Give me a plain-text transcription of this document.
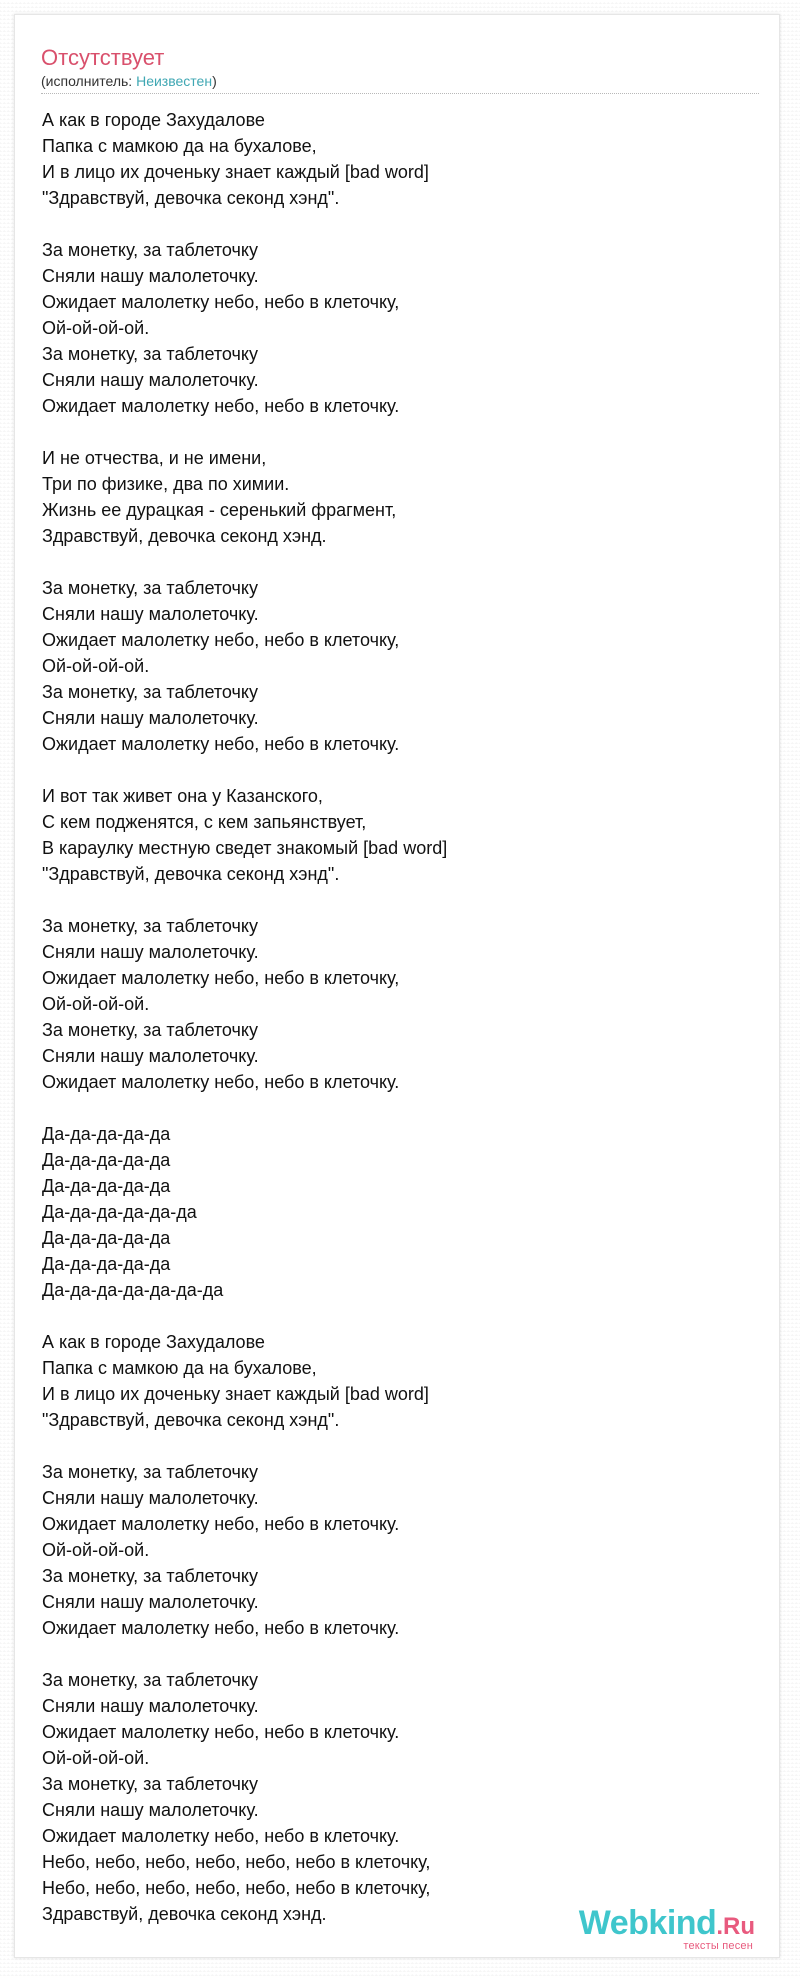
Отсутствует
(исполнитель: Неизвестен)
А как в городе Захудалове
Папка с мамкою да на бухалове,
И в лицо их доченьку знает каждый [bad word]
"Здравствуй, девочка секонд хэнд".

За монетку, за таблеточку
Сняли нашу малолеточку.
Ожидает малолетку небо, небо в клеточку,
Ой-ой-ой-ой.
За монетку, за таблеточку
Сняли нашу малолеточку.
Ожидает малолетку небо, небо в клеточку.

И не отчества, и не имени,
Три по физике, два по химии.
Жизнь ее дурацкая - серенький фрагмент,
Здравствуй, девочка секонд хэнд.

За монетку, за таблеточку
Сняли нашу малолеточку.
Ожидает малолетку небо, небо в клеточку,
Ой-ой-ой-ой.
За монетку, за таблеточку
Сняли нашу малолеточку.
Ожидает малолетку небо, небо в клеточку.

И вот так живет она у Казанского,
С кем подженятся, с кем запьянствует,
В караулку местную сведет знакомый [bad word]
"Здравствуй, девочка секонд хэнд".

За монетку, за таблеточку
Сняли нашу малолеточку.
Ожидает малолетку небо, небо в клеточку,
Ой-ой-ой-ой.
За монетку, за таблеточку
Сняли нашу малолеточку.
Ожидает малолетку небо, небо в клеточку.

Да-да-да-да-да
Да-да-да-да-да
Да-да-да-да-да
Да-да-да-да-да-да
Да-да-да-да-да
Да-да-да-да-да
Да-да-да-да-да-да-да

А как в городе Захудалове
Папка с мамкою да на бухалове,
И в лицо их доченьку знает каждый [bad word]
"Здравствуй, девочка секонд хэнд".

За монетку, за таблеточку
Сняли нашу малолеточку.
Ожидает малолетку небо, небо в клеточку.
Ой-ой-ой-ой.
За монетку, за таблеточку
Сняли нашу малолеточку.
Ожидает малолетку небо, небо в клеточку.

За монетку, за таблеточку
Сняли нашу малолеточку.
Ожидает малолетку небо, небо в клеточку.
Ой-ой-ой-ой.
За монетку, за таблеточку
Сняли нашу малолеточку.
Ожидает малолетку небо, небо в клеточку.
Небо, небо, небо, небо, небо, небо в клеточку,
Небо, небо, небо, небо, небо, небо в клеточку,
Здравствуй, девочка секонд хэнд.	Webkind.Ru
тексты песен
